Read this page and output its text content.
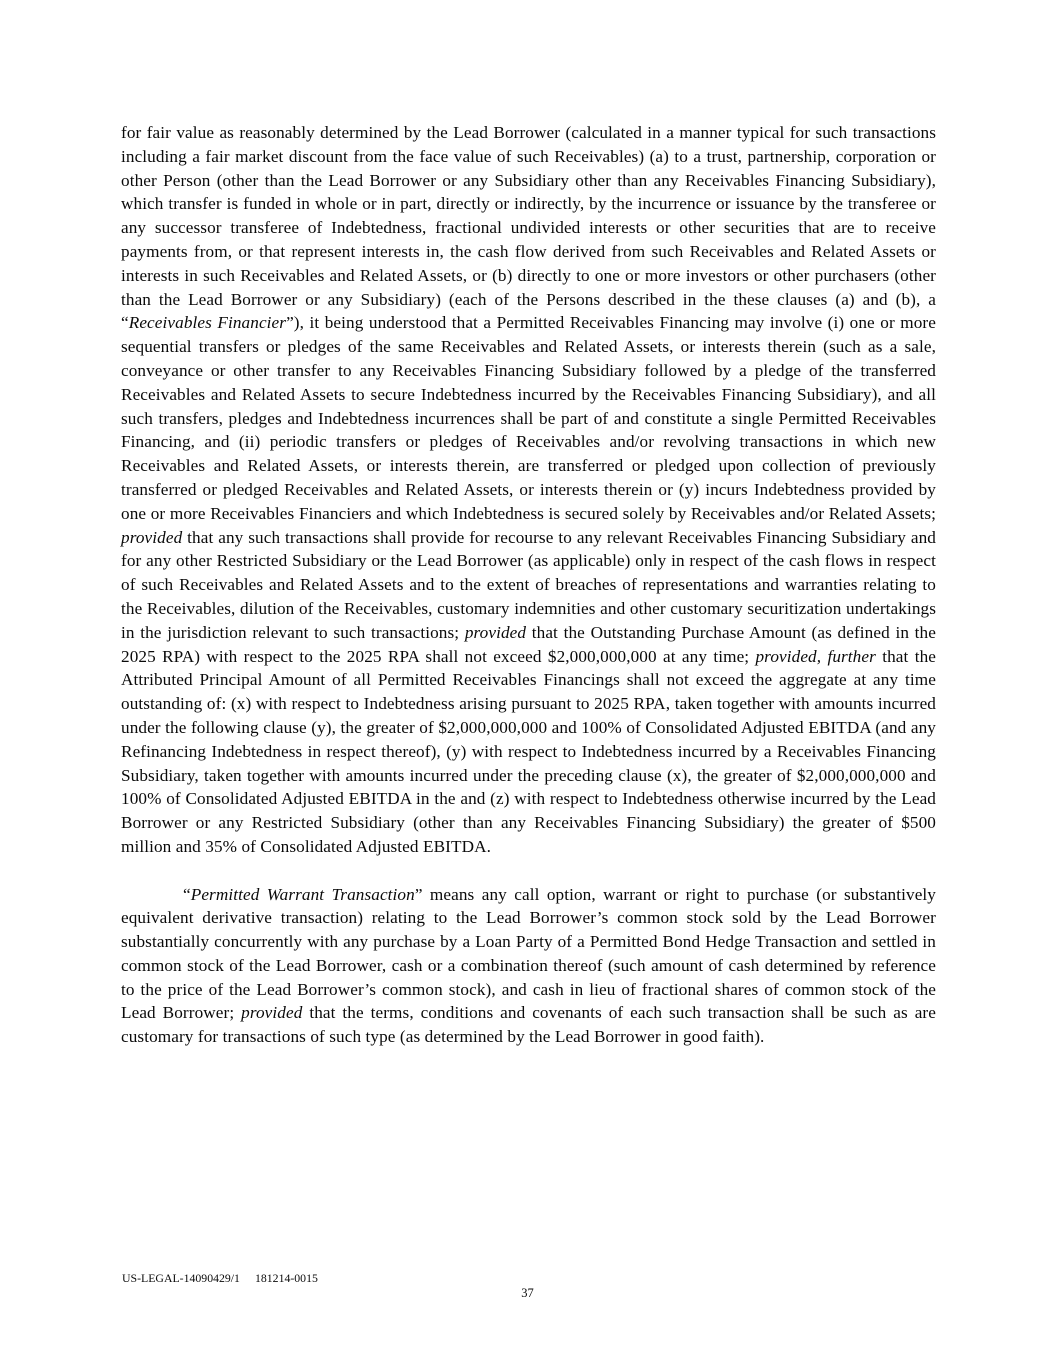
for fair value as reasonably determined by the Lead Borrower (calculated in a manner typical for such transactions including a fair market discount from the face value of such Receivables) (a) to a trust, partnership, corporation or other Person (other than the Lead Borrower or any Subsidiary other than any Receivables Financing Subsidiary), which transfer is funded in whole or in part, directly or indirectly, by the incurrence or issuance by the transferee or any successor transferee of Indebtedness, fractional undivided interests or other securities that are to receive payments from, or that represent interests in, the cash flow derived from such Receivables and Related Assets or interests in such Receivables and Related Assets, or (b) directly to one or more investors or other purchasers (other than the Lead Borrower or any Subsidiary) (each of the Persons described in the these clauses (a) and (b), a “Receivables Financier”), it being understood that a Permitted Receivables Financing may involve (i) one or more sequential transfers or pledges of the same Receivables and Related Assets, or interests therein (such as a sale, conveyance or other transfer to any Receivables Financing Subsidiary followed by a pledge of the transferred Receivables and Related Assets to secure Indebtedness incurred by the Receivables Financing Subsidiary), and all such transfers, pledges and Indebtedness incurrences shall be part of and constitute a single Permitted Receivables Financing, and (ii) periodic transfers or pledges of Receivables and/or revolving transactions in which new Receivables and Related Assets, or interests therein, are transferred or pledged upon collection of previously transferred or pledged Receivables and Related Assets, or interests therein or (y) incurs Indebtedness provided by one or more Receivables Financiers and which Indebtedness is secured solely by Receivables and/or Related Assets; provided that any such transactions shall provide for recourse to any relevant Receivables Financing Subsidiary and for any other Restricted Subsidiary or the Lead Borrower (as applicable) only in respect of the cash flows in respect of such Receivables and Related Assets and to the extent of breaches of representations and warranties relating to the Receivables, dilution of the Receivables, customary indemnities and other customary securitization undertakings in the jurisdiction relevant to such transactions; provided that the Outstanding Purchase Amount (as defined in the 2025 RPA) with respect to the 2025 RPA shall not exceed $2,000,000,000 at any time; provided, further that the Attributed Principal Amount of all Permitted Receivables Financings shall not exceed the aggregate at any time outstanding of: (x) with respect to Indebtedness arising pursuant to 2025 RPA, taken together with amounts incurred under the following clause (y), the greater of $2,000,000,000 and 100% of Consolidated Adjusted EBITDA (and any Refinancing Indebtedness in respect thereof), (y) with respect to Indebtedness incurred by a Receivables Financing Subsidiary, taken together with amounts incurred under the preceding clause (x), the greater of $2,000,000,000 and 100% of Consolidated Adjusted EBITDA in the and (z) with respect to Indebtedness otherwise incurred by the Lead Borrower or any Restricted Subsidiary (other than any Receivables Financing Subsidiary) the greater of $500 million and 35% of Consolidated Adjusted EBITDA.

“Permitted Warrant Transaction” means any call option, warrant or right to purchase (or substantively equivalent derivative transaction) relating to the Lead Borrower’s common stock sold by the Lead Borrower substantially concurrently with any purchase by a Loan Party of a Permitted Bond Hedge Transaction and settled in common stock of the Lead Borrower, cash or a combination thereof (such amount of cash determined by reference to the price of the Lead Borrower’s common stock), and cash in lieu of fractional shares of common stock of the Lead Borrower; provided that the terms, conditions and covenants of each such transaction shall be such as are customary for transactions of such type (as determined by the Lead Borrower in good faith).

US-LEGAL-14090429/1 181214-0015
37
